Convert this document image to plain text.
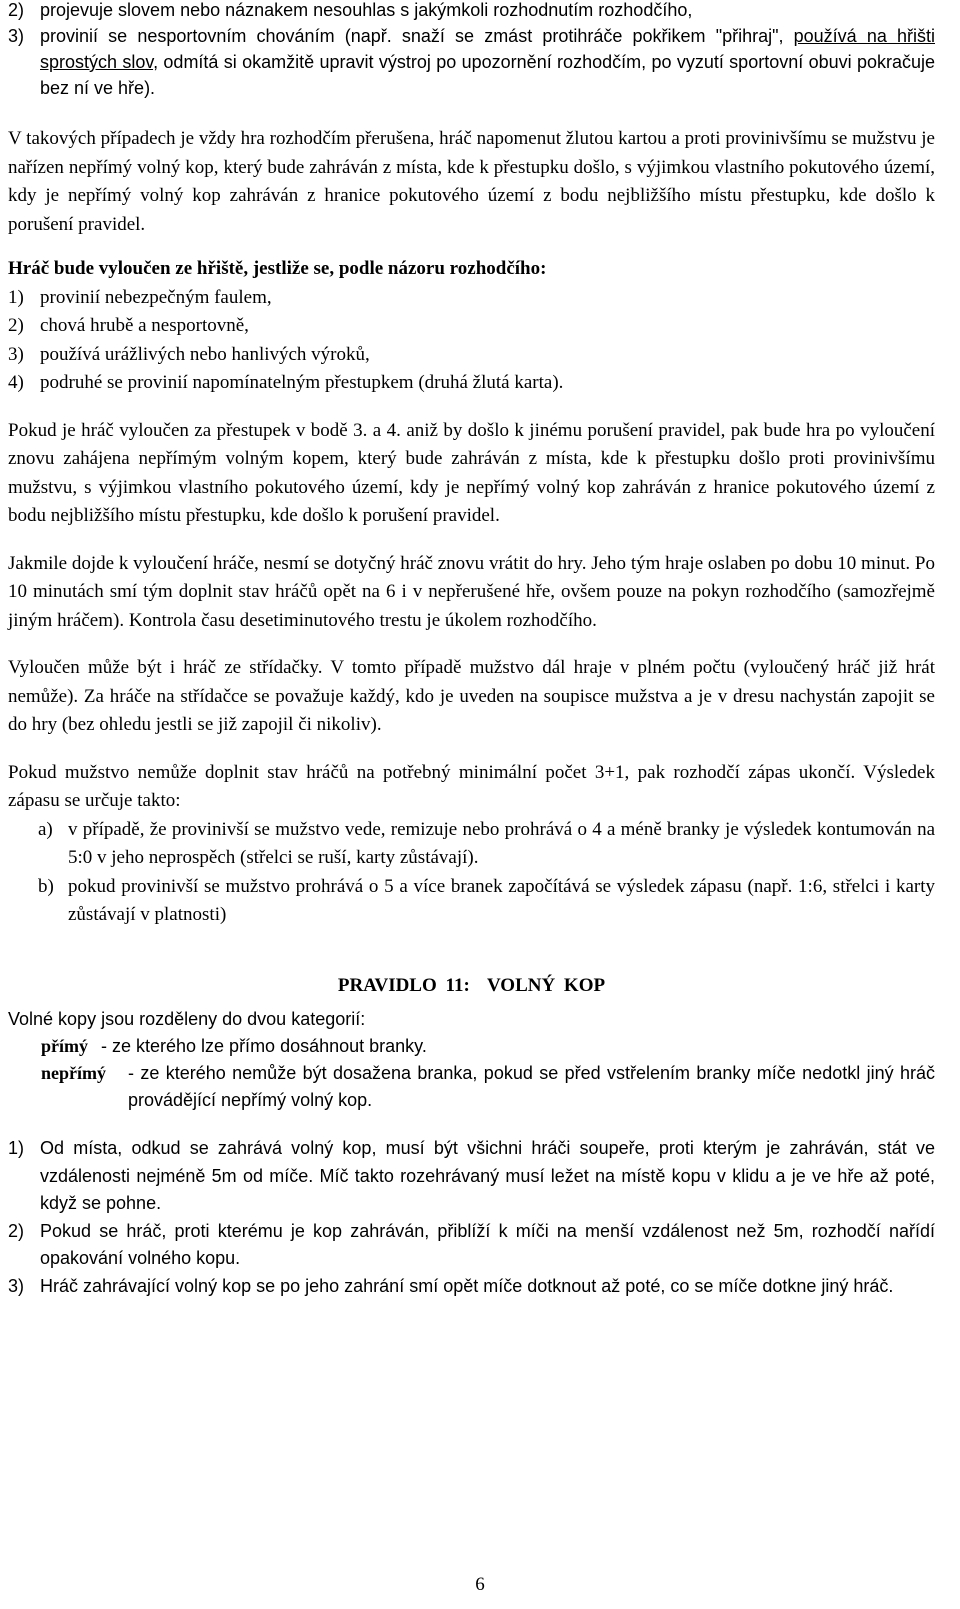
2) projevuje slovem nebo náznakem nesouhlas s jakýmkoli rozhodnutím rozhodčího,
3) provinií se nesportovním chováním (např. snaží se zmást protihráče pokřikem "přihraj", používá na hřišti sprostých slov, odmítá si okamžitě upravit výstroj po upozornění rozhodčím, po vyzutí sportovní obuvi pokračuje bez ní ve hře).

V takových případech je vždy hra rozhodčím přerušena, hráč napomenut žlutou kartou a proti provinivšímu se mužstvu je nařízen nepřímý volný kop, který bude zahráván z místa, kde k přestupku došlo, s výjimkou vlastního pokutového území, kdy je nepřímý volný kop zahráván z hranice pokutového území z bodu nejbližšího místu přestupku, kde došlo k porušení pravidel.

Hráč bude vyloučen ze hřiště, jestliže se, podle názoru rozhodčího:
1) provinií nebezpečným faulem,
2) chová hrubě a nesportovně,
3) používá urážlivých nebo hanlivých výroků,
4) podruhé se provinií napomínatelným přestupkem (druhá žlutá karta).

Pokud je hráč vyloučen za přestupek v bodě 3. a 4. aniž by došlo k jinému porušení pravidel, pak bude hra po vyloučení znovu zahájena nepřímým volným kopem, který bude zahráván z místa, kde k přestupku došlo proti provinivšímu mužstvu, s výjimkou vlastního pokutového území, kdy je nepřímý volný kop zahráván z hranice pokutového území z bodu nejbližšího místu přestupku, kde došlo k porušení pravidel.

Jakmile dojde k vyloučení hráče, nesmí se dotyčný hráč znovu vrátit do hry. Jeho tým hraje oslaben po dobu 10 minut. Po 10 minutách smí tým doplnit stav hráčů opět na 6 i v nepřerušené hře, ovšem pouze na pokyn rozhodčího (samozřejmě jiným hráčem). Kontrola času desetiminutového trestu je úkolem rozhodčího.

Vyloučen může být i hráč ze střídačky. V tomto případě mužstvo dál hraje v plném počtu (vyloučený hráč již hrát nemůže). Za hráče na střídačce se považuje každý, kdo je uveden na soupisce mužstva a je v dresu nachystán zapojit se do hry (bez ohledu jestli se již zapojil či nikoliv).

Pokud mužstvo nemůže doplnit stav hráčů na potřebný minimální počet 3+1, pak rozhodčí zápas ukončí. Výsledek zápasu se určuje takto:

a) v případě, že provinivší se mužstvo vede, remizuje nebo prohrává o 4 a méně branky je výsledek kontumován na 5:0 v jeho neprospěch (střelci se ruší, karty zůstávají).
b) pokud provinivší se mužstvo prohrává o 5 a více branek započítává se výsledek zápasu (např. 1:6, střelci i karty zůstávají v platnosti)
PRAVIDLO 11:  VOLNÝ KOP
Volné kopy jsou rozděleny do dvou kategorií:
přímý - ze kterého lze přímo dosáhnout branky.
nepřímý	- ze kterého nemůže být dosažena branka, pokud se před vstřelením branky míče nedotkl jiný hráč provádějící nepřímý volný kop.
1) Od místa, odkud se zahrává volný kop, musí být všichni hráči soupeře, proti kterým je zahráván, stát ve vzdálenosti nejméně 5m od míče. Míč takto rozehrávaný musí ležet na místě kopu v klidu a je ve hře až poté, když se pohne.
2) Pokud se hráč, proti kterému je kop zahráván, přiblíží k míči na menší vzdálenost než 5m, rozhodčí nařídí opakování volného kopu.
3) Hráč zahrávající volný kop se po jeho zahrání smí opět míče dotknout až poté, co se míče dotkne jiný hráč.
6
